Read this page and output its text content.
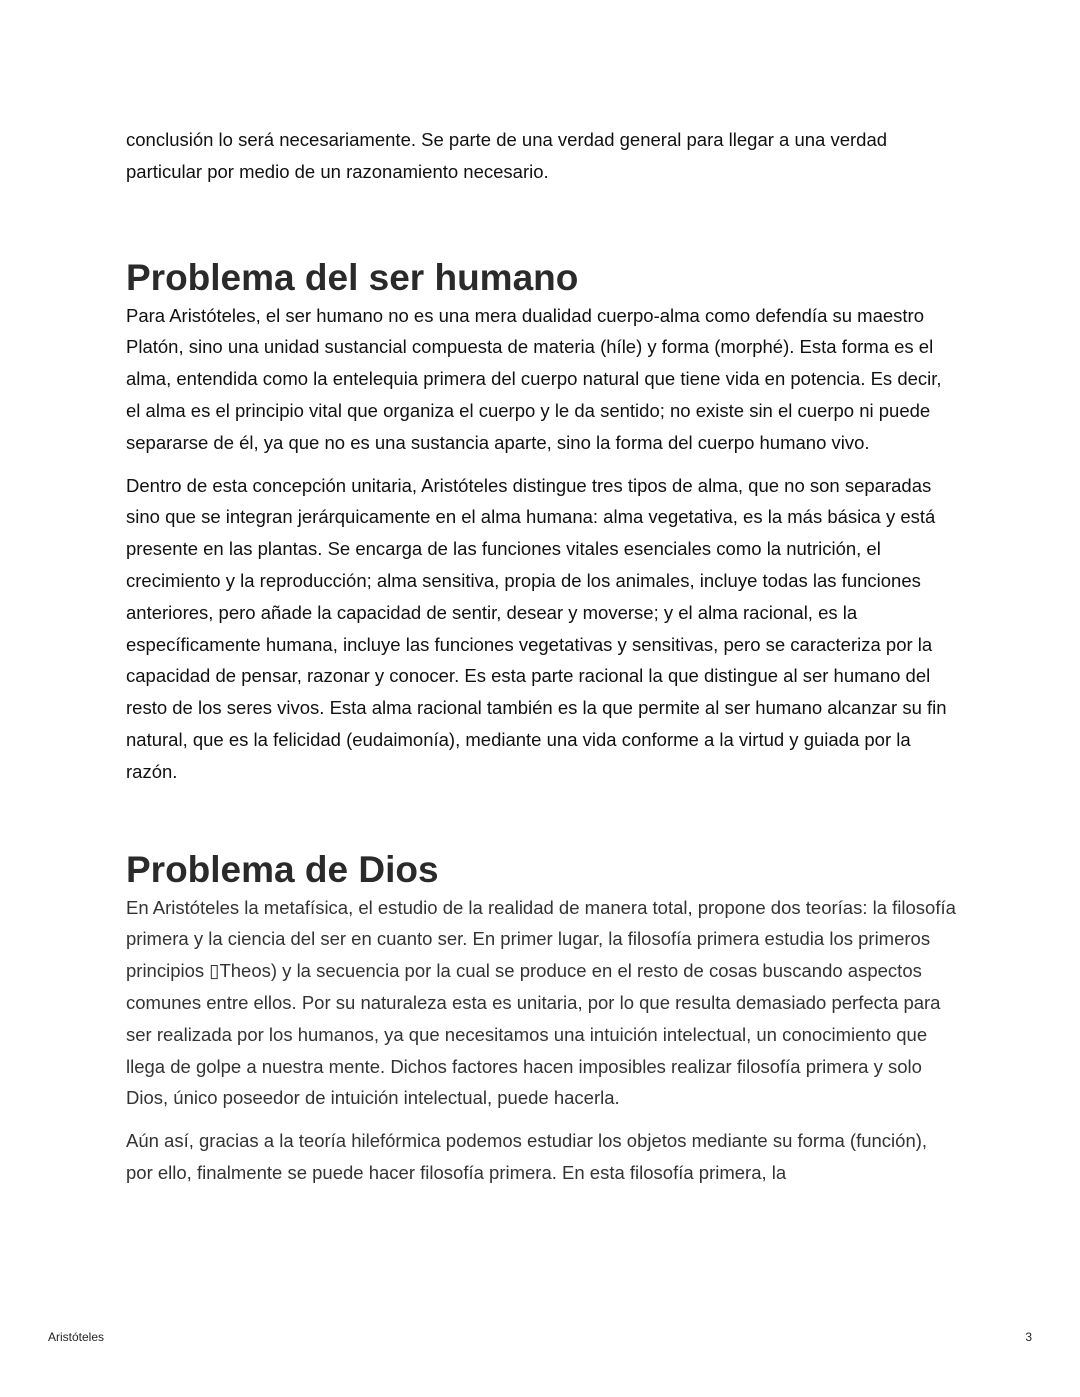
conclusión lo será necesariamente. Se parte de una verdad general para llegar a una verdad particular por medio de un razonamiento necesario.

Problema del ser humano

Para Aristóteles, el ser humano no es una mera dualidad cuerpo-alma como defendía su maestro Platón, sino una unidad sustancial compuesta de materia (híle) y forma (morphé). Esta forma es el alma, entendida como la entelequia primera del cuerpo natural que tiene vida en potencia. Es decir, el alma es el principio vital que organiza el cuerpo y le da sentido; no existe sin el cuerpo ni puede separarse de él, ya que no es una sustancia aparte, sino la forma del cuerpo humano vivo.

Dentro de esta concepción unitaria, Aristóteles distingue tres tipos de alma, que no son separadas sino que se integran jerárquicamente en el alma humana: alma vegetativa, es la más básica y está presente en las plantas. Se encarga de las funciones vitales esenciales como la nutrición, el crecimiento y la reproducción; alma sensitiva, propia de los animales, incluye todas las funciones anteriores, pero añade la capacidad de sentir, desear y moverse; y el alma racional, es la específicamente humana, incluye las funciones vegetativas y sensitivas, pero se caracteriza por la capacidad de pensar, razonar y conocer. Es esta parte racional la que distingue al ser humano del resto de los seres vivos. Esta alma racional también es la que permite al ser humano alcanzar su fin natural, que es la felicidad (eudaimonía), mediante una vida conforme a la virtud y guiada por la razón.

Problema de Dios

En Aristóteles la metafísica, el estudio de la realidad de manera total, propone dos teorías: la filosofía primera y la ciencia del ser en cuanto ser. En primer lugar, la filosofía primera estudia los primeros principios ▯Theos) y la secuencia por la cual se produce en el resto de cosas buscando aspectos comunes entre ellos. Por su naturaleza esta es unitaria, por lo que resulta demasiado perfecta para ser realizada por los humanos, ya que necesitamos una intuición intelectual, un conocimiento que llega de golpe a nuestra mente. Dichos factores hacen imposibles realizar filosofía primera y solo Dios, único poseedor de intuición intelectual, puede hacerla.

Aún así, gracias a la teoría hilefórmica podemos estudiar los objetos mediante su forma (función), por ello, finalmente se puede hacer filosofía primera. En esta filosofía primera, la

Aristóteles	3
